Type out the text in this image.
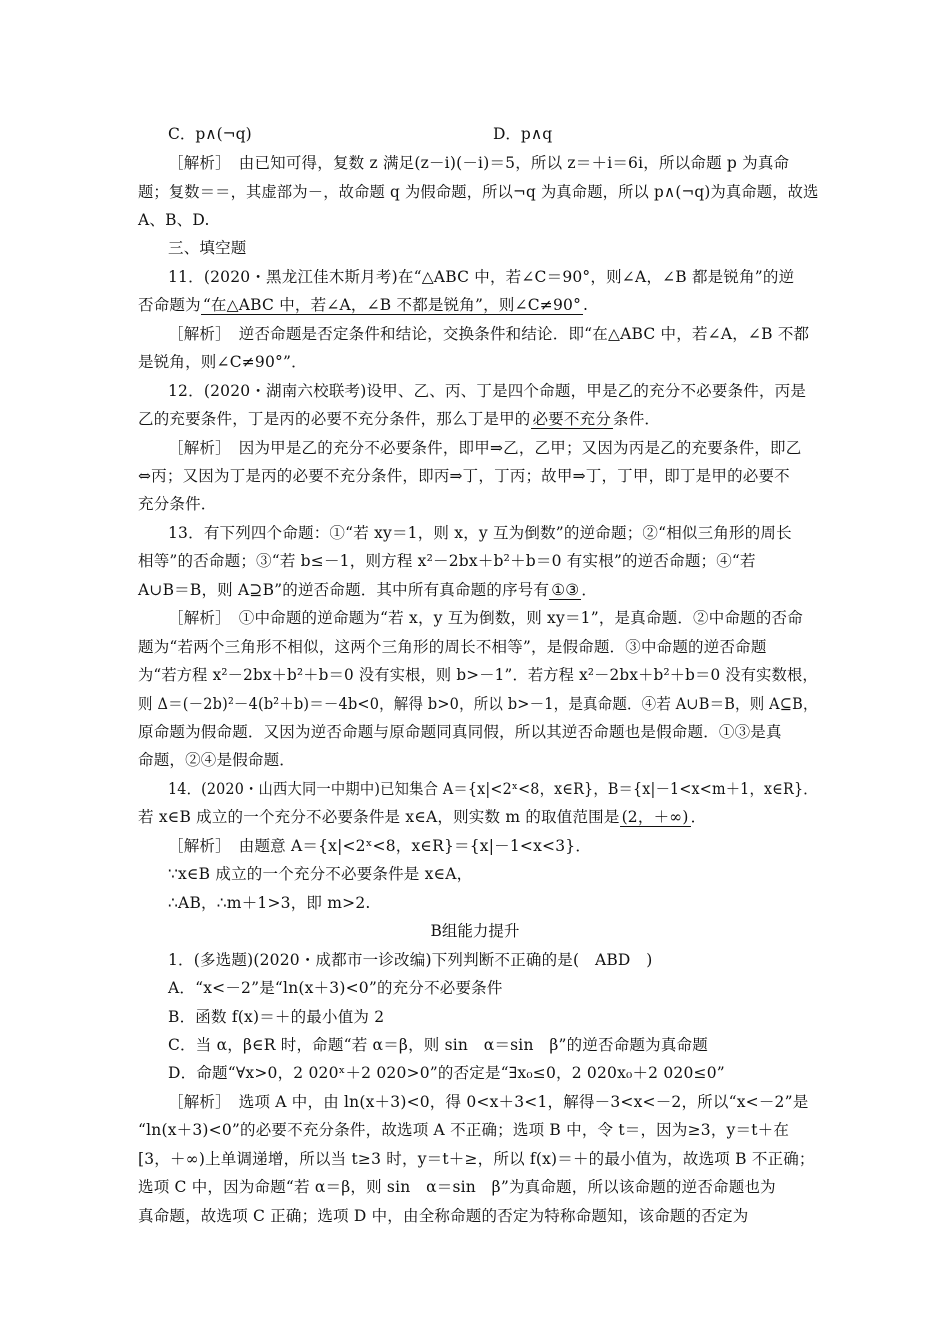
C．p∧(¬q)	D．p∧q
［解析］　由已知可得，复数 z 满足(z－i)(－i)＝5，所以 z＝＋i＝6i，所以命题 p 为真命
题；复数＝＝，其虚部为－，故命题 q 为假命题，所以¬q 为真命题，所以 p∧(¬q)为真命题，故选
A、B、D.
三、填空题
11．(2020・黑龙江佳木斯月考)在“△ABC 中，若∠C＝90°，则∠A，∠B 都是锐角”的逆
否命题为 “在△ABC 中，若∠A，∠B 不都是锐角”，则∠C≠90° .
［解析］　逆否命题是否定条件和结论，交换条件和结论．即“在△ABC 中，若∠A，∠B 不都
是锐角，则∠C≠90°”．
12．(2020・湖南六校联考)设甲、乙、丙、丁是四个命题，甲是乙的充分不必要条件，丙是
乙的充要条件，丁是丙的必要不充分条件，那么丁是甲的 必要不充分 条件．
［解析］　因为甲是乙的充分不必要条件，即甲⇒乙，乙甲；又因为丙是乙的充要条件，即乙
⇔丙；又因为丁是丙的必要不充分条件，即丙⇒丁，丁丙；故甲⇒丁，丁甲，即丁是甲的必要不
充分条件．
13．有下列四个命题：①“若 xy＝1，则 x，y 互为倒数”的逆命题；②“相似三角形的周长
相等”的否命题；③“若 b≤－1，则方程 x²－2bx＋b²＋b＝0 有实根”的逆否命题；④“若
A∪B＝B，则 A⊇B”的逆否命题．其中所有真命题的序号有 ①③ ．
［解析］　①中命题的逆命题为“若 x，y 互为倒数，则 xy＝1”，是真命题．②中命题的否命
题为“若两个三角形不相似，这两个三角形的周长不相等”，是假命题．③中命题的逆否命题
为“若方程 x²－2bx＋b²＋b＝0 没有实根，则 b>－1”．若方程 x²－2bx＋b²＋b＝0 没有实数根，
则 Δ＝(－2b)²－4(b²＋b)＝－4b<0，解得 b>0，所以 b>－1，是真命题．④若 A∪B＝B，则 A⊆B，
原命题为假命题．又因为逆否命题与原命题同真同假，所以其逆否命题也是假命题．①③是真
命题，②④是假命题．
14．(2020・山西大同一中期中)已知集合 A＝{x|<2ˣ<8，x∈R}，B＝{x|－1<x<m＋1，x∈R}．
若 x∈B 成立的一个充分不必要条件是 x∈A，则实数 m 的取值范围是 (2，＋∞) ．
［解析］　由题意 A＝{x|<2ˣ<8，x∈R}＝{x|－1<x<3}．
∵x∈B 成立的一个充分不必要条件是 x∈A，
∴AB，∴m＋1>3，即 m>2.
B组能力提升
1．(多选题)(2020・成都市一诊改编)下列判断不正确的是(　ABD　)
A．“x<－2”是“ln(x＋3)<0”的充分不必要条件
B．函数 f(x)＝＋的最小值为 2
C．当 α，β∈R 时，命题“若 α＝β，则 sin　α＝sin　β”的逆否命题为真命题
D．命题“∀x>0，2 020ˣ＋2 020>0”的否定是“∃x₀≤0，2 020x₀＋2 020≤0”
［解析］　选项 A 中，由 ln(x＋3)<0，得 0<x＋3<1，解得－3<x<－2，所以“x<－2”是
“ln(x＋3)<0”的必要不充分条件，故选项 A 不正确；选项 B 中，令 t＝，因为≥3，y＝t＋在
[3，＋∞)上单调递增，所以当 t≥3 时，y＝t＋≥，所以 f(x)＝＋的最小值为，故选项 B 不正确；
选项 C 中，因为命题“若 α＝β，则 sin　α＝sin　β”为真命题，所以该命题的逆否命题也为
真命题，故选项 C 正确；选项 D 中，由全称命题的否定为特称命题知，该命题的否定为
